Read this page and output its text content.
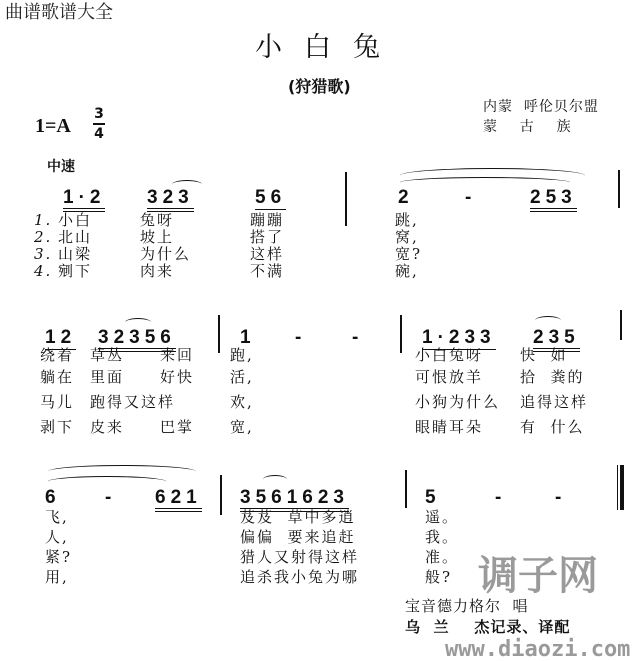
曲谱歌谱大全
小白兔
(狩猎歌)
1=A
3
4
内蒙  呼伦贝尔盟
蒙    古    族
中速
1·2 323	56	2	-	253
1. 小白	兔呀	蹦蹦	跳,
2. 北山	坡上	搭了	窝,
3. 山梁	为什么	这样	宽?
4. 剜下	肉来	不满	碗,
12 32356	1 - -	1·233 235
绕着 草丛 来回 跑,	小白兔呀 快  如
躺在 里面 好快 活,	可恨放羊 拾  粪的
马儿 跑得又这样	欢,	小狗为什么 追得这样
剥下 皮来 巴掌 宽,	眼睛耳朵 有  什么
6 - 621 3561623	5	-	-
飞,	芨芨  草中多逍	遥。
人,	偏偏  要来追赶	我。
紧?	猎人又射得这样	准。
用,	追杀我小兔为哪	般?
宝音德力格尔  唱
乌  兰    杰记录、译配
调子网
www.diaozi.com
